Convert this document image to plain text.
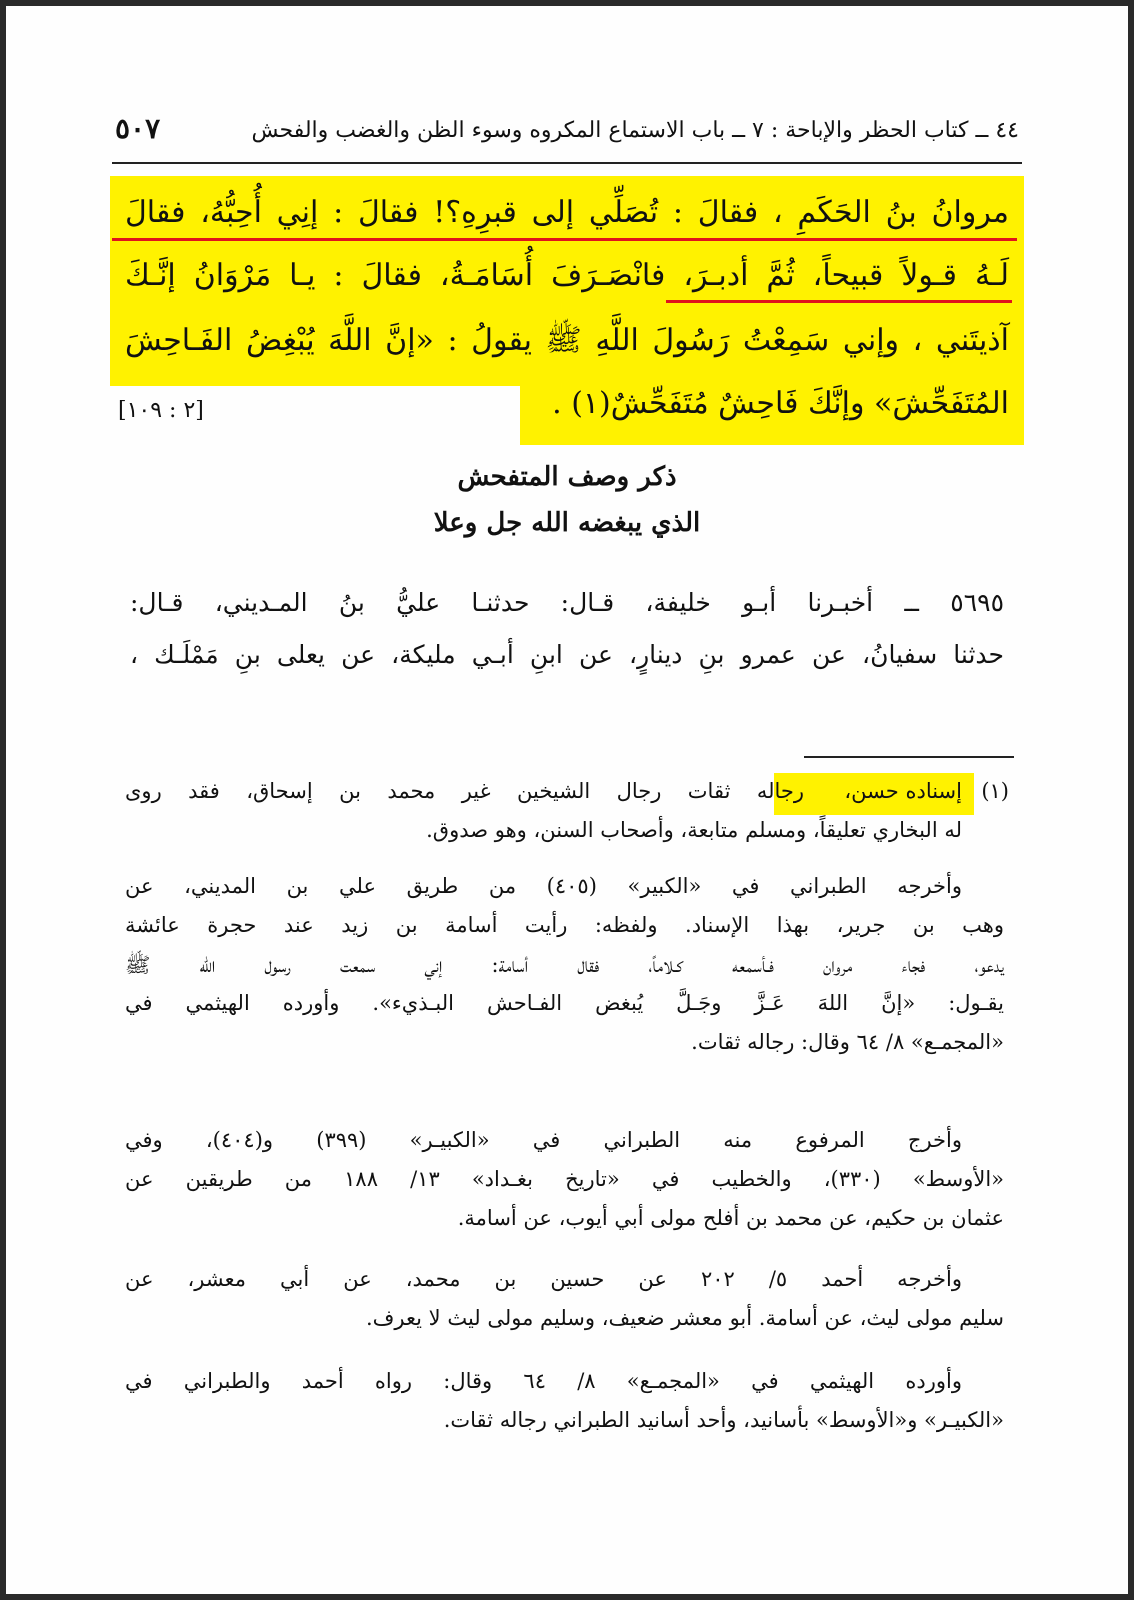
٤٤ ــ كتاب الحظر والإباحة : ٧ ــ باب الاستماع المكروه وسوء الظن والغضب والفحش
٥٠٧
مروانُ بنُ الحَكَمِ ، فقالَ : تُصَلِّي إلى قبرِهِ؟! فقالَ : إنِي أُحِبُّهُ، فقالَ
لَـهُ قـولاً قبيحاً، ثُمَّ أدبـرَ، فانْصَـرَفَ أُسَامَـةُ، فقالَ : يـا مَرْوَانُ إنَّـكَ
آذيتَني ، وإني سَمِعْتُ رَسُولَ اللَّهِ ﷺ يقولُ : «إنَّ اللَّهَ يُبْغِضُ الفَـاحِشَ
المُتَفَحِّشَ» وإنَّكَ فَاحِشٌ مُتَفَحِّشٌ(١) .
[٢ : ١٠٩]
ذكر وصف المتفحش
الذي يبغضه الله جل وعلا
٥٦٩٥ ــ أخبـرنا أبـو خليفة، قـال: حدثنـا عليُّ بنُ المـديني، قـال:
حدثنا سفيانُ، عن عمرو بنِ دينارٍ، عن ابنِ أبـي مليكة، عن يعلى بنِ مَمْلَـك ،
(١)
إسناده حسن،
رجاله ثقات رجال الشيخين غير محمد بن إسحاق، فقد روى
له البخاري تعليقاً، ومسلم متابعة، وأصحاب السنن، وهو صدوق.
وأخرجه الطبراني في «الكبير» (٤٠٥) من طريق علي بن المديني، عن
وهب بن جرير، بهذا الإسناد. ولفظه: رأيت أسامة بن زيد عند حجرة عائشة
يدعو، فجاء مروان فـأسمعه كـلاماً، فقال أسامة: إني سمعت رسول الله ﷺ
يقـول: «إنَّ اللهَ عَـزَّ وجَـلَّ يُبغض الفـاحش البـذيء». وأورده الهيثمي في
«المجمـع» ٨/ ٦٤ وقال: رجاله ثقات.
وأخرج المرفوع منه الطبراني في «الكبيـر» (٣٩٩) و(٤٠٤)، وفي
«الأوسط» (٣٣٠)، والخطيب في «تاريخ بغـداد» ١٣/ ١٨٨ من طريقين عن
عثمان بن حكيم، عن محمد بن أفلح مولى أبي أيوب، عن أسامة.
وأخرجه أحمد ٥/ ٢٠٢ عن حسين بن محمد، عن أبي معشر، عن
سليم مولى ليث، عن أسامة. أبو معشر ضعيف، وسليم مولى ليث لا يعرف.
وأورده الهيثمي في «المجمـع» ٨/ ٦٤ وقال: رواه أحمد والطبراني في
«الكبيـر» و«الأوسط» بأسانيد، وأحد أسانيد الطبراني رجاله ثقات.
